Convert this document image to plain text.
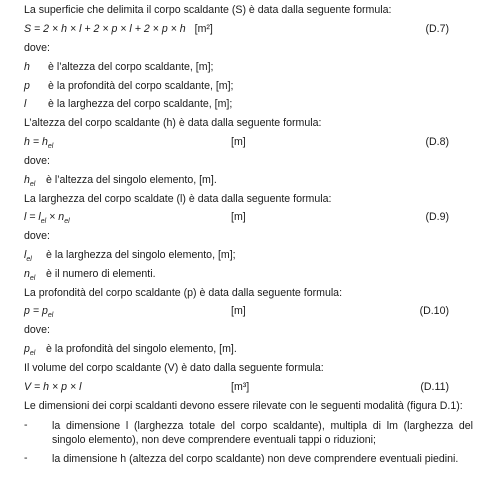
La superficie che delimita il corpo scaldante (S) è data dalla seguente formula:
S = 2 × h × l + 2 × p × l + 2 × p × h [m²]	(D.7)
dove:
h è l’altezza del corpo scaldante, [m];
p è la profondità del corpo scaldante, [m];
l è la larghezza del corpo scaldante, [m];
L’altezza del corpo scaldante (h) è data dalla seguente formula:
$h = h_{el}$	[m]	(D.8)
dove:
$h_{el}$ è l’altezza del singolo elemento, [m].
La larghezza del corpo scaldate (l) è data dalla seguente formula:
$l = l_{el} \times n_{el}$	[m]	(D.9)
dove:
$l_{el}$ è la larghezza del singolo elemento, [m];
$n_{el}$ è il numero di elementi.
La profondità del corpo scaldante (p) è data dalla seguente formula:
$p = p_{el}$	[m]	(D.10)
dove:
$p_{el}$ è la profondità del singolo elemento, [m].
Il volume del corpo scaldante (V) è dato dalla seguente formula:
V = h × p × l	[m³]	(D.11)
Le dimensioni dei corpi scaldanti devono essere rilevate con le seguenti modalità (figura D.1):
- la dimensione l (larghezza totale del corpo scaldante), multipla di lm (larghezza del singolo elemento), non deve comprendere eventuali tappi o riduzioni;
- la dimensione h (altezza del corpo scaldante) non deve comprendere eventuali piedini.
